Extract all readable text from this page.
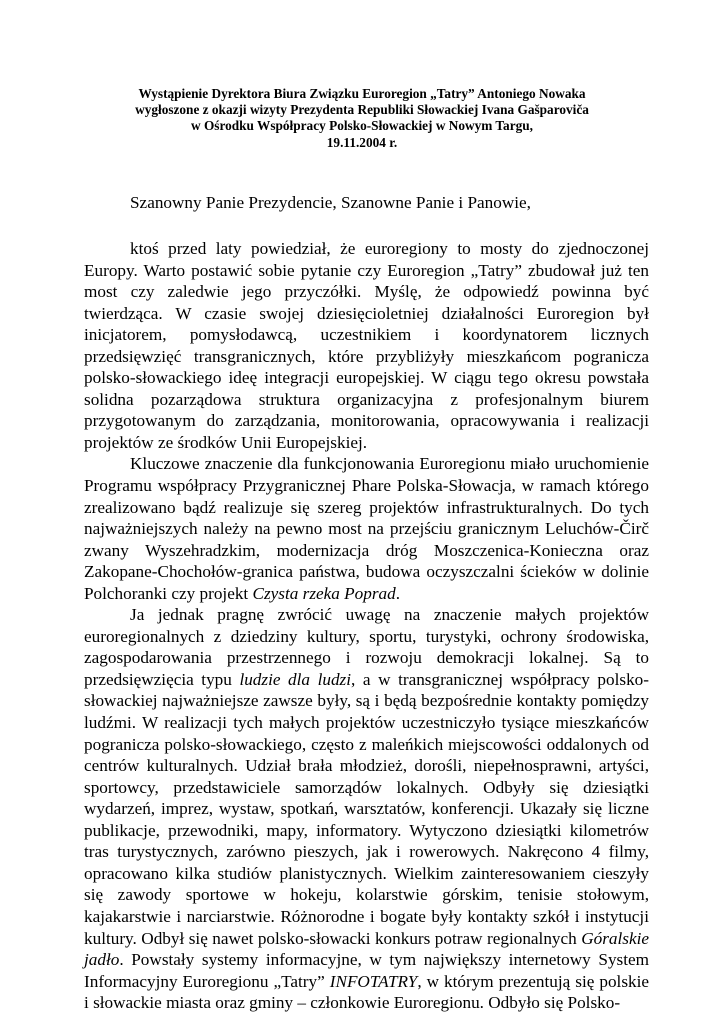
Wystąpienie Dyrektora Biura Związku Euroregion „Tatry” Antoniego Nowaka
wygłoszone z okazji wizyty Prezydenta Republiki Słowackiej Ivana Gašparoviča
w Ośrodku Współpracy Polsko-Słowackiej w Nowym Targu,
19.11.2004 r.
Szanowny Panie Prezydencie, Szanowne Panie i Panowie,

ktoś przed laty powiedział, że euroregiony to mosty do zjednoczonej Europy. Warto postawić sobie pytanie czy Euroregion „Tatry” zbudował już ten most czy zaledwie jego przyczółki. Myślę, że odpowiedź powinna być twierdząca. W czasie swojej dziesięcioletniej działalności Euroregion był inicjatorem, pomysłodawcą, uczestnikiem i koordynatorem licznych przedsięwzięć transgranicznych, które przybliżyły mieszkańcom pogranicza polsko-słowackiego ideę integracji europejskiej. W ciągu tego okresu powstała solidna pozarządowa struktura organizacyjna z profesjonalnym biurem przygotowanym do zarządzania, monitorowania, opracowywania i realizacji projektów ze środków Unii Europejskiej.

Kluczowe znaczenie dla funkcjonowania Euroregionu miało uruchomienie Programu współpracy Przygranicznej Phare Polska-Słowacja, w ramach którego zrealizowano bądź realizuje się szereg projektów infrastrukturalnych. Do tych najważniejszych należy na pewno most na przejściu granicznym Leluchów-Čirč zwany Wyszehradzkim, modernizacja dróg Moszczenica-Konieczna oraz Zakopane-Chochołów-granica państwa, budowa oczyszczalni ścieków w dolinie Polchoranki czy projekt Czysta rzeka Poprad.

Ja jednak pragnę zwrócić uwagę na znaczenie małych projektów euroregionalnych z dziedziny kultury, sportu, turystyki, ochrony środowiska, zagospodarowania przestrzennego i rozwoju demokracji lokalnej. Są to przedsięwzięcia typu ludzie dla ludzi, a w transgranicznej współpracy polsko-słowackiej najważniejsze zawsze były, są i będą bezpośrednie kontakty pomiędzy ludźmi. W realizacji tych małych projektów uczestniczyło tysiące mieszkańców pogranicza polsko-słowackiego, często z maleńkich miejscowości oddalonych od centrów kulturalnych. Udział brała młodzież, dorośli, niepełnosprawni, artyści, sportowcy, przedstawiciele samorządów lokalnych. Odbyły się dziesiątki wydarzeń, imprez, wystaw, spotkań, warsztatów, konferencji. Ukazały się liczne publikacje, przewodniki, mapy, informatory. Wytyczono dziesiątki kilometrów tras turystycznych, zarówno pieszych, jak i rowerowych. Nakręcono 4 filmy, opracowano kilka studiów planistycznych. Wielkim zainteresowaniem cieszyły się zawody sportowe w hokeju, kolarstwie górskim, tenisie stołowym, kajakarstwie i narciarstwie. Różnorodne i bogate były kontakty szkół i instytucji kultury. Odbył się nawet polsko-słowacki konkurs potraw regionalnych Góralskie jadło. Powstały systemy informacyjne, w tym największy internetowy System Informacyjny Euroregionu „Tatry” INFOTATRY, w którym prezentują się polskie i słowackie miasta oraz gminy – członkowie Euroregionu. Odbyło się Polsko-
